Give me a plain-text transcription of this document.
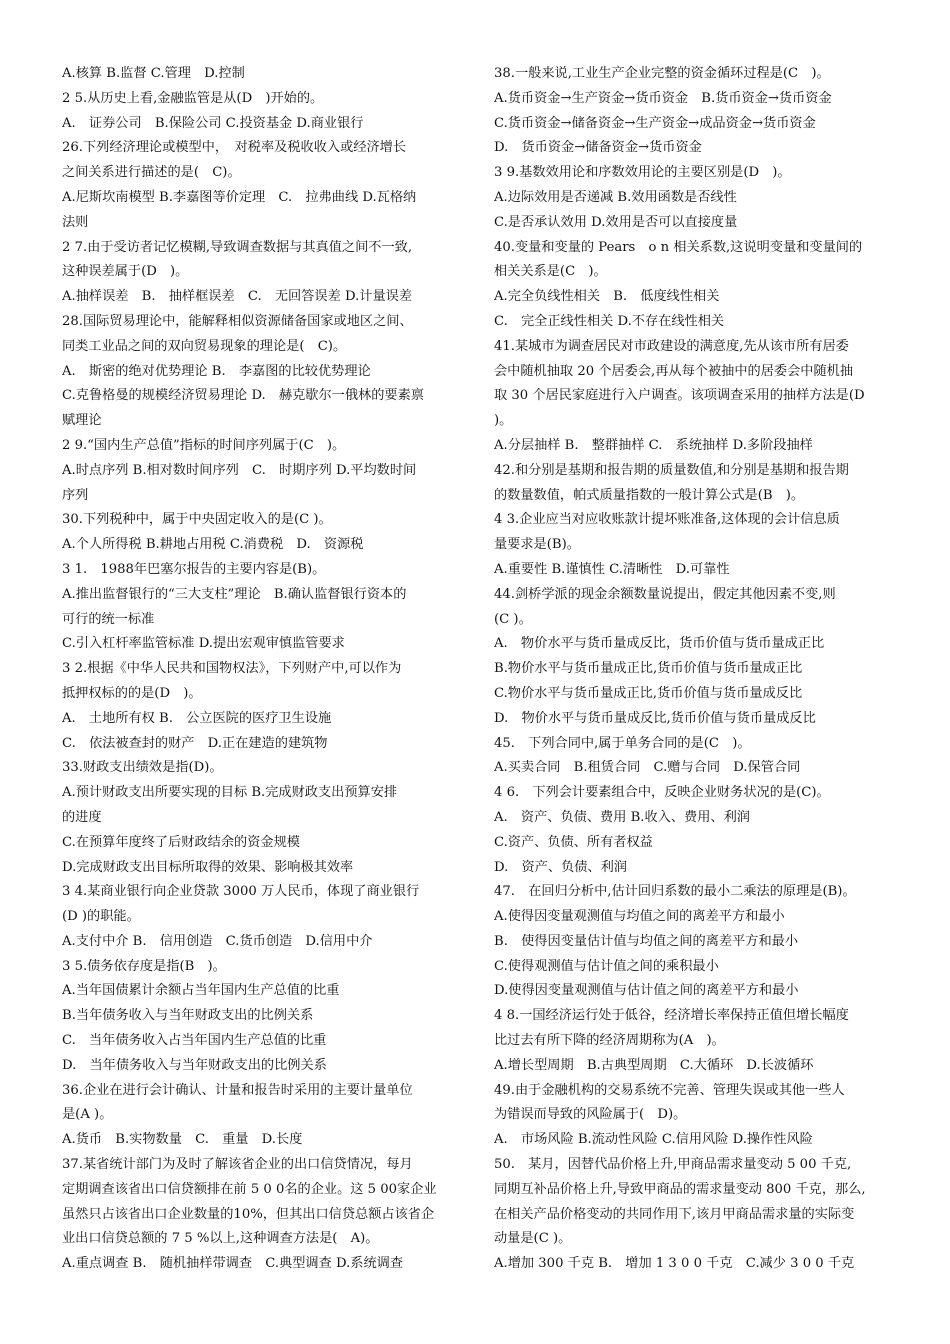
A.核算 B.监督 C.管理　D.控制
2 5.从历史上看,金融监管是从(D　)开始的。
A.　证券公司　B.保险公司 C.投资基金 D.商业银行
26.下列经济理论或模型中，　对税率及税收收入或经济增长
之间关系进行描述的是(　C)。
A.尼斯坎南模型 B.李嘉图等价定理　C.　拉弗曲线 D.瓦格纳
法则
2 7.由于受访者记忆模糊,导致调查数据与其真值之间不一致,
这种误差属于(D　)。
A.抽样误差　B.　抽样框误差　C.　无回答误差 D.计量误差
28.国际贸易理论中，能解释相似资源储备国家或地区之间、
同类工业品之间的双向贸易现象的理论是(　C)。
A.　斯密的绝对优势理论 B.　李嘉图的比较优势理论
C.克鲁格曼的规模经济贸易理论 D.　赫克歇尔一俄林的要素禀
赋理论
2 9.“国内生产总值”指标的时间序列属于(C　)。
A.时点序列 B.相对数时间序列　C.　时期序列 D.平均数时间
序列
30.下列税种中，属于中央固定收入的是(C )。
A.个人所得税 B.耕地占用税 C.消费税　D.　资源税
3 1.　1988年巴塞尔报告的主要内容是(B)。
A.推出监督银行的“三大支柱”理论　B.确认监督银行资本的
可行的统一标准
C.引入杠杆率监管标准 D.提出宏观审慎监管要求
3 2.根据《中华人民共和国物权法》，下列财产中,可以作为
抵押权标的的是(D　)。
A.　土地所有权 B.　公立医院的医疗卫生设施
C.　依法被查封的财产　D.正在建造的建筑物
33.财政支出绩效是指(D)。
A.预计财政支出所要实现的目标 B.完成财政支出预算安排
的进度
C.在预算年度终了后财政结余的资金规模
D.完成财政支出目标所取得的效果、影响极其效率
3 4.某商业银行向企业贷款 3000 万人民币，体现了商业银行
(D )的职能。
A.支付中介 B.　信用创造　C.货币创造　D.信用中介
3 5.债务依存度是指(B　)。
A.当年国债累计余额占当年国内生产总值的比重
B.当年债务收入与当年财政支出的比例关系
C.　当年债务收入占当年国内生产总值的比重
D.　当年债务收入与当年财政支出的比例关系
36.企业在进行会计确认、计量和报告时采用的主要计量单位
是(A )。
A.货币　B.实物数量　C.　重量　D.长度
37.某省统计部门为及时了解该省企业的出口信贷情况，每月
定期调查该省出口信贷额排在前 5 0 0名的企业。这 5 00家企业
虽然只占该省出口企业数量的10%，但其出口信贷总额占该省企
业出口信贷总额的 7 5 %以上,这种调查方法是(　A)。
A.重点调查 B.　随机抽样带调查　C.典型调查 D.系统调查
38.一般来说,工业生产企业完整的资金循环过程是(C　)。
A.货币资金→生产资金→货币资金　B.货币资金→货币资金
C.货币资金→储备资金→生产资金→成品资金→货币资金
D.　货币资金→储备资金→货币资金
3 9.基数效用论和序数效用论的主要区别是(D　)。
A.边际效用是否递减 B.效用函数是否线性
C.是否承认效用 D.效用是否可以直接度量
40.变量和变量的 Pears　o n 相关系数,这说明变量和变量间的
相关关系是(C　)。
A.完全负线性相关　B.　低度线性相关
C.　完全正线性相关 D.不存在线性相关
41.某城市为调查居民对市政建设的满意度,先从该市所有居委
会中随机抽取 20 个居委会,再从每个被抽中的居委会中随机抽
取 30 个居民家庭进行入户调查。该项调查采用的抽样方法是(D
)。
A.分层抽样 B.　整群抽样 C.　系统抽样 D.多阶段抽样
42.和分别是基期和报告期的质量数值,和分别是基期和报告期
的数量数值，帕式质量指数的一般计算公式是(B　)。
4 3.企业应当对应收账款计提坏账准备,这体现的会计信息质
量要求是(B)。
A.重要性 B.谨慎性 C.清晰性　D.可靠性
44.剑桥学派的现金余额数量说提出，假定其他因素不变,则
(C )。
A.　物价水平与货币量成反比，货币价值与货币量成正比
B.物价水平与货币量成正比,货币价值与货币量成正比
C.物价水平与货币量成正比,货币价值与货币量成反比
D.　物价水平与货币量成反比,货币价值与货币量成反比
45.　下列合同中,属于单务合同的是(C　)。
A.买卖合同　B.租赁合同　C.赠与合同　D.保管合同
4 6.　下列会计要素组合中，反映企业财务状况的是(C)。
A.　资产、负债、费用 B.收入、费用、利润
C.资产、负债、所有者权益
D.　资产、负债、利润
47.　在回归分析中,估计回归系数的最小二乘法的原理是(B)。
A.使得因变量观测值与均值之间的离差平方和最小
B.　使得因变量估计值与均值之间的离差平方和最小
C.使得观测值与估计值之间的乘积最小
D.使得因变量观测值与估计值之间的离差平方和最小
4 8.一国经济运行处于低谷，经济增长率保持正值但增长幅度
比过去有所下降的经济周期称为(A　)。
A.增长型周期　B.古典型周期　C.大循环　D.长波循环
49.由于金融机构的交易系统不完善、管理失误或其他一些人
为错误而导致的风险属于(　D)。
A.　市场风险 B.流动性风险 C.信用风险 D.操作性风险
50.　某月，因替代品价格上升,甲商品需求量变动 5 00 千克,
同期互补品价格上升,导致甲商品的需求量变动 800 千克，那么,
在相关产品价格变动的共同作用下,该月甲商品需求量的实际变
动量是(C )。
A.增加 300 千克 B.　增加 1 3 0 0 千克　C.减少 3 0 0 千克
